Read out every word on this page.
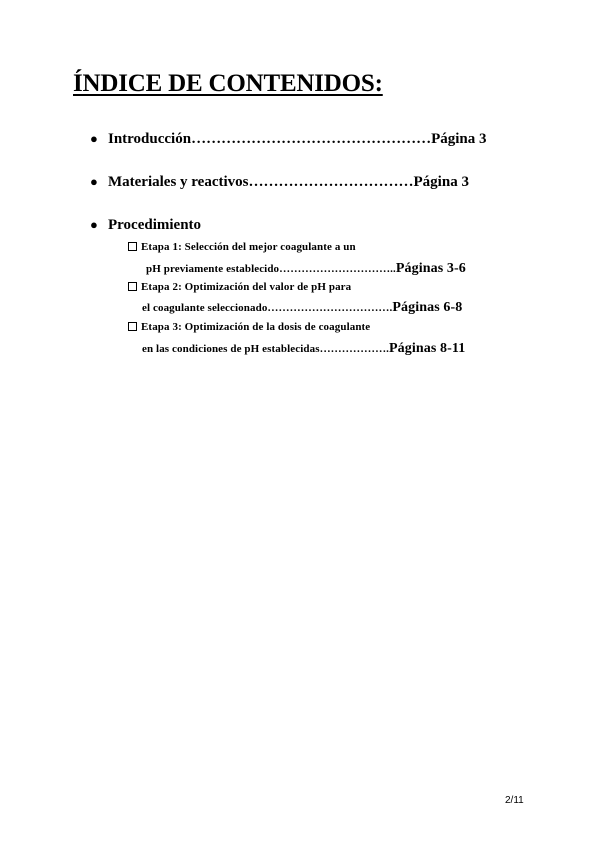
ÍNDICE DE CONTENIDOS:
● Introducción…………………………………………Página 3
● Materiales y reactivos……………………………Página 3
● Procedimiento
Etapa 1: Selección del mejor coagulante a un
pH previamente establecido…………………………..Páginas 3-6
Etapa 2: Optimización del valor de pH para
el coagulante seleccionado…………………………….Páginas 6-8
Etapa 3: Optimización de la dosis de coagulante
en las condiciones de pH establecidas……………….Páginas 8-11
2/11
